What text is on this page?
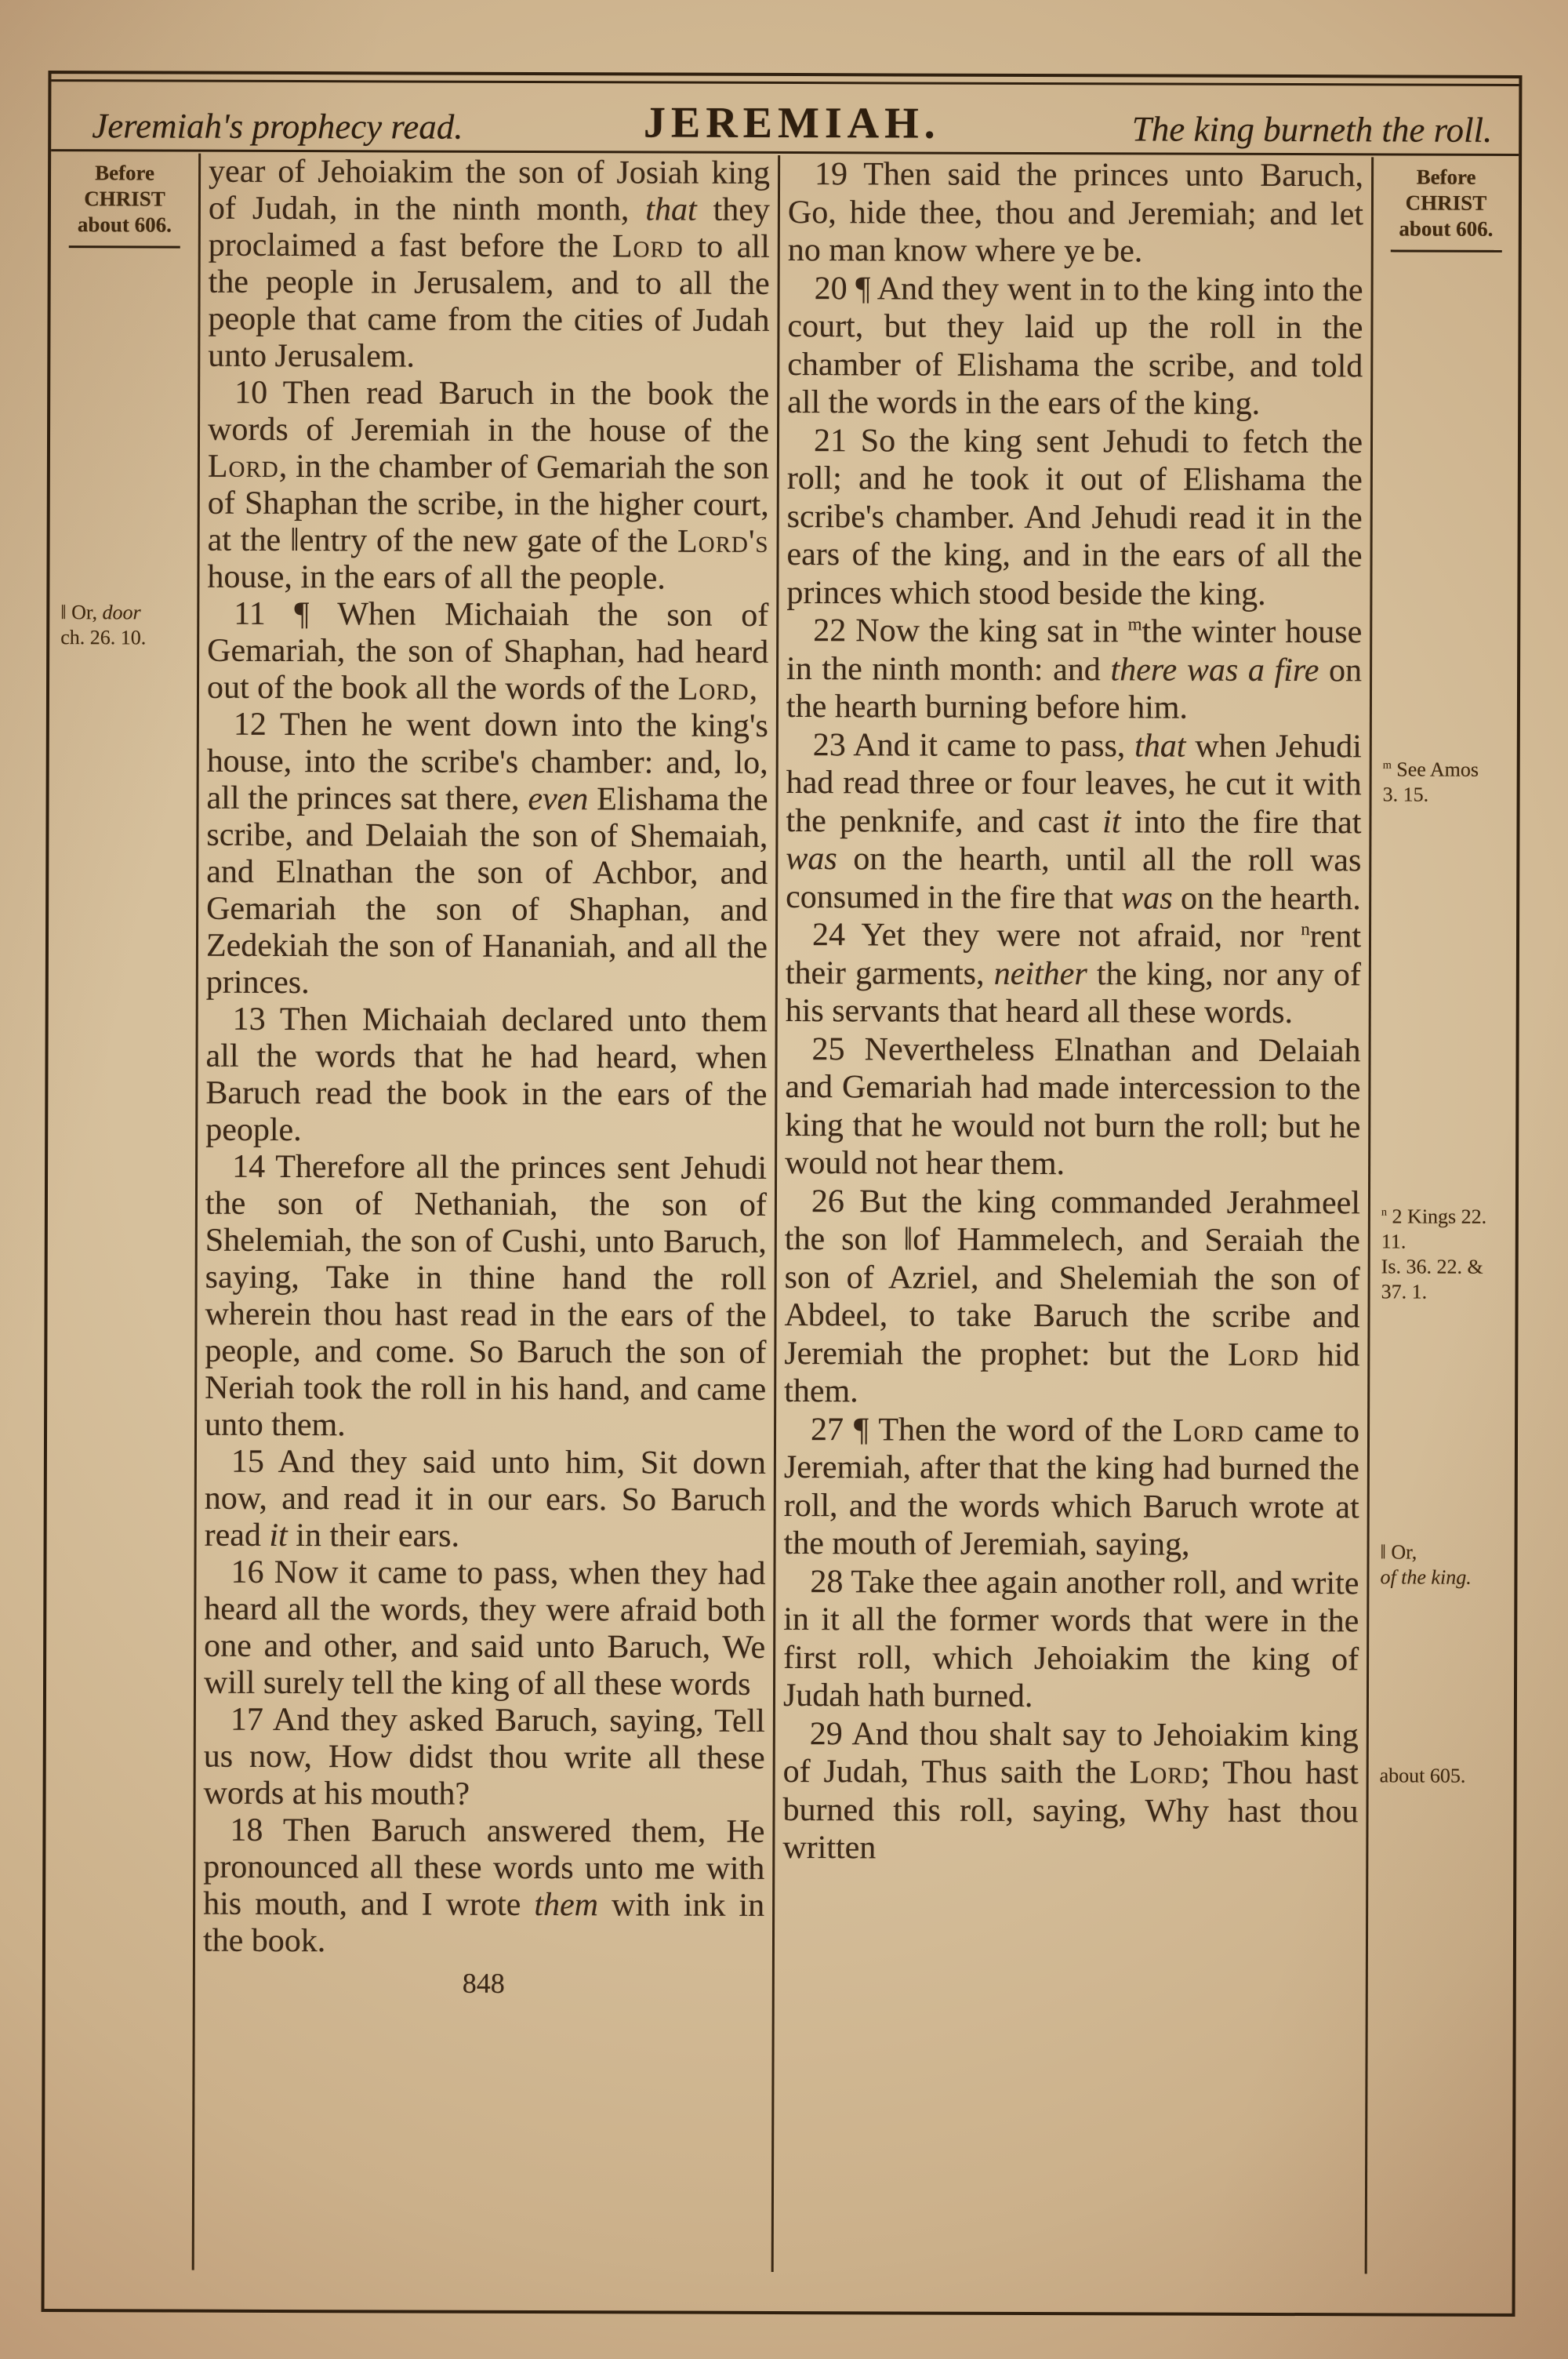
Jeremiah's prophecy read.	JEREMIAH.	The king burneth the roll.
Before
CHRIST
about 606.
‖ Or, door
ch. 26. 10.

year of Jehoiakim the son of Josiah king of Judah, in the ninth month, that they proclaimed a fast before the Lord to all the people in Jerusalem, and to all the people that came from the cities of Judah unto Jerusalem.

10 Then read Baruch in the book the words of Jeremiah in the house of the Lord, in the chamber of Gemariah the son of Shaphan the scribe, in the higher court, at the ‖entry of the new gate of the Lord's house, in the ears of all the people.

11 ¶ When Michaiah the son of Gemariah, the son of Shaphan, had heard out of the book all the words of the Lord,

12 Then he went down into the king's house, into the scribe's chamber: and, lo, all the princes sat there, even Elishama the scribe, and Delaiah the son of Shemaiah, and Elnathan the son of Achbor, and Gemariah the son of Shaphan, and Zedekiah the son of Hananiah, and all the princes.

13 Then Michaiah declared unto them all the words that he had heard, when Baruch read the book in the ears of the people.

14 Therefore all the princes sent Jehudi the son of Nethaniah, the son of Shelemiah, the son of Cushi, unto Baruch, saying, Take in thine hand the roll wherein thou hast read in the ears of the people, and come. So Baruch the son of Neriah took the roll in his hand, and came unto them.

15 And they said unto him, Sit down now, and read it in our ears. So Baruch read it in their ears.

16 Now it came to pass, when they had heard all the words, they were afraid both one and other, and said unto Baruch, We will surely tell the king of all these words

17 And they asked Baruch, saying, Tell us now, How didst thou write all these words at his mouth?

18 Then Baruch answered them, He pronounced all these words unto me with his mouth, and I wrote them with ink in the book.

848

19 Then said the princes unto Baruch, Go, hide thee, thou and Jeremiah; and let no man know where ye be.

20 ¶ And they went in to the king into the court, but they laid up the roll in the chamber of Elishama the scribe, and told all the words in the ears of the king.

21 So the king sent Jehudi to fetch the roll; and he took it out of Elishama the scribe's chamber. And Jehudi read it in the ears of the king, and in the ears of all the princes which stood beside the king.

22 Now the king sat in $^m$the winter house in the ninth month: and there was a fire on the hearth burning before him.

23 And it came to pass, that when Jehudi had read three or four leaves, he cut it with the penknife, and cast it into the fire that was on the hearth, until all the roll was consumed in the fire that was on the hearth.

24 Yet they were not afraid, nor $^n$rent their garments, neither the king, nor any of his servants that heard all these words.

25 Nevertheless Elnathan and Delaiah and Gemariah had made intercession to the king that he would not burn the roll; but he would not hear them.

26 But the king commanded Jerahmeel the son ‖of Hammelech, and Seraiah the son of Azriel, and Shelemiah the son of Abdeel, to take Baruch the scribe and Jeremiah the prophet: but the Lord hid them.

27 ¶ Then the word of the Lord came to Jeremiah, after that the king had burned the roll, and the words which Baruch wrote at the mouth of Jeremiah, saying,

28 Take thee again another roll, and write in it all the former words that were in the first roll, which Jehoiakim the king of Judah hath burned.

29 And thou shalt say to Jehoiakim king of Judah, Thus saith the Lord; Thou hast burned this roll, saying, Why hast thou written

Before
CHRIST
about 606.
$^m$ See Amos
3. 15.
$^n$ 2 Kings 22.
11.
Is. 36. 22. &
37. 1.
‖ Or,
of the king.
about 605.
